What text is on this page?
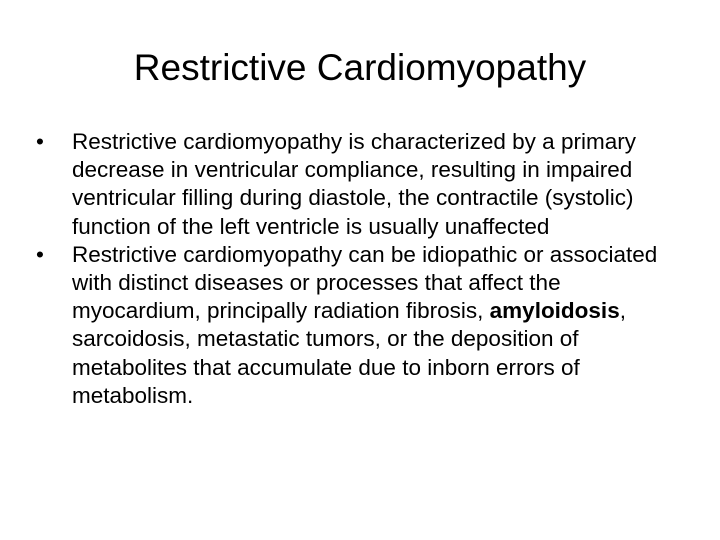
Restrictive Cardiomyopathy
•	Restrictive cardiomyopathy is characterized by a primary decrease in ventricular compliance, resulting in impaired ventricular filling during diastole, the contractile (systolic) function of the left ventricle is usually unaffected
•	Restrictive cardiomyopathy can be idiopathic or associated with distinct diseases or processes that affect the myocardium, principally radiation fibrosis, amyloidosis, sarcoidosis, metastatic tumors, or the deposition of metabolites that accumulate due to inborn errors of metabolism.
